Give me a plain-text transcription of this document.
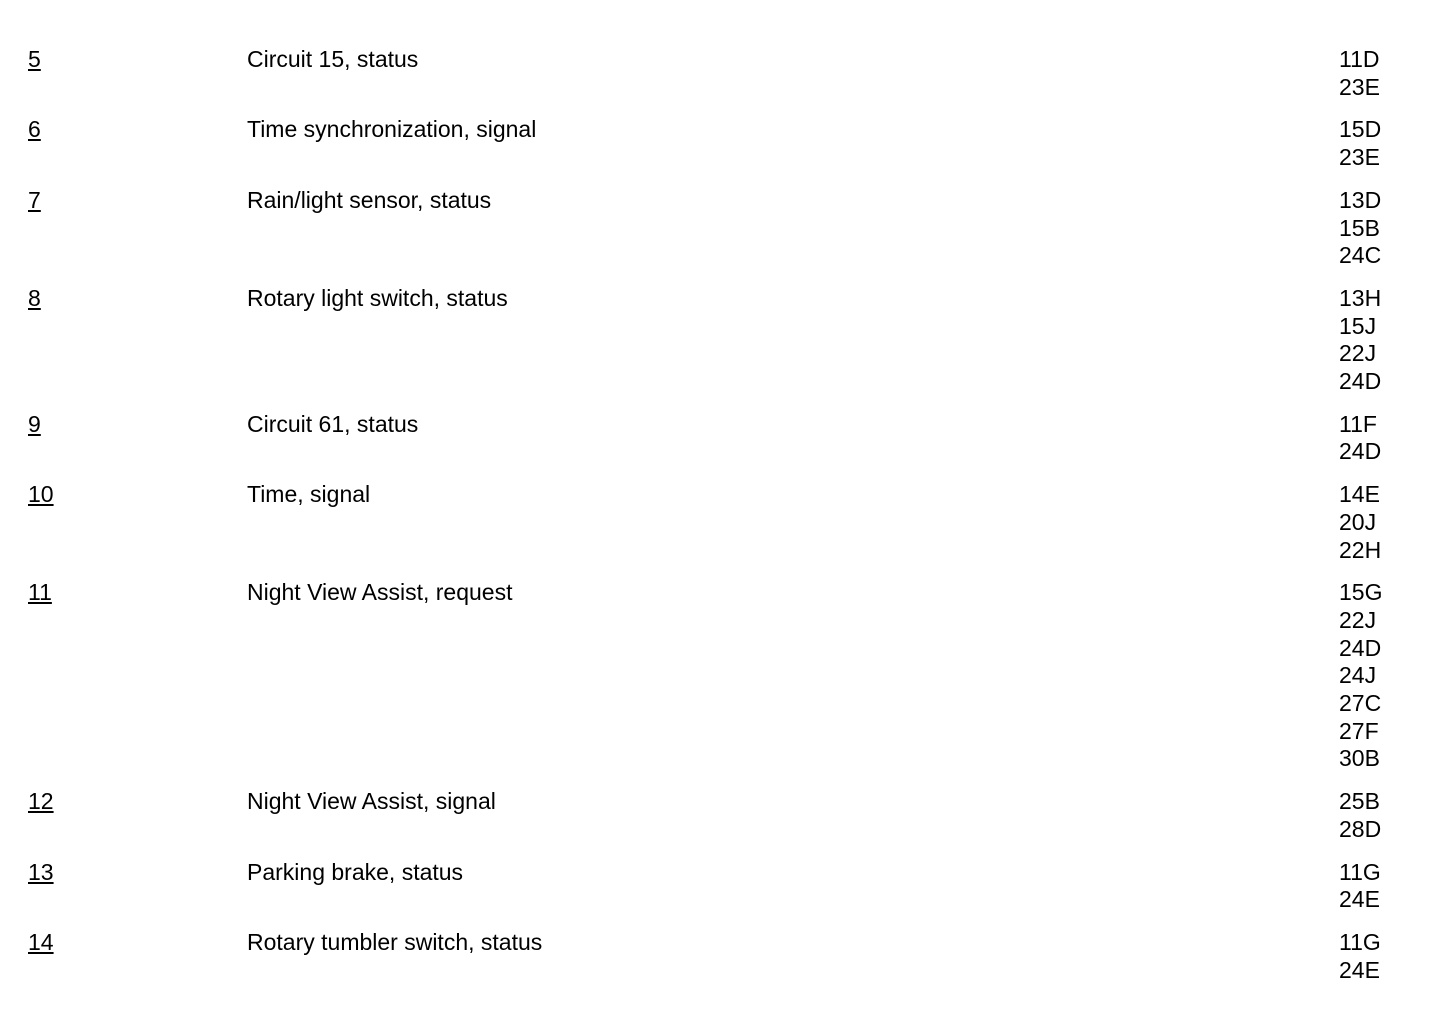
5	Circuit 15, status	11D
23E
6	Time synchronization, signal	15D
23E
7	Rain/light sensor, status	13D
15B
24C
8	Rotary light switch, status	13H
15J
22J
24D
9	Circuit 61, status	11F
24D
10	Time, signal	14E
20J
22H
11	Night View Assist, request	15G
22J
24D
24J
27C
27F
30B
12	Night View Assist, signal	25B
28D
13	Parking brake, status	11G
24E
14	Rotary tumbler switch, status	11G
24E
